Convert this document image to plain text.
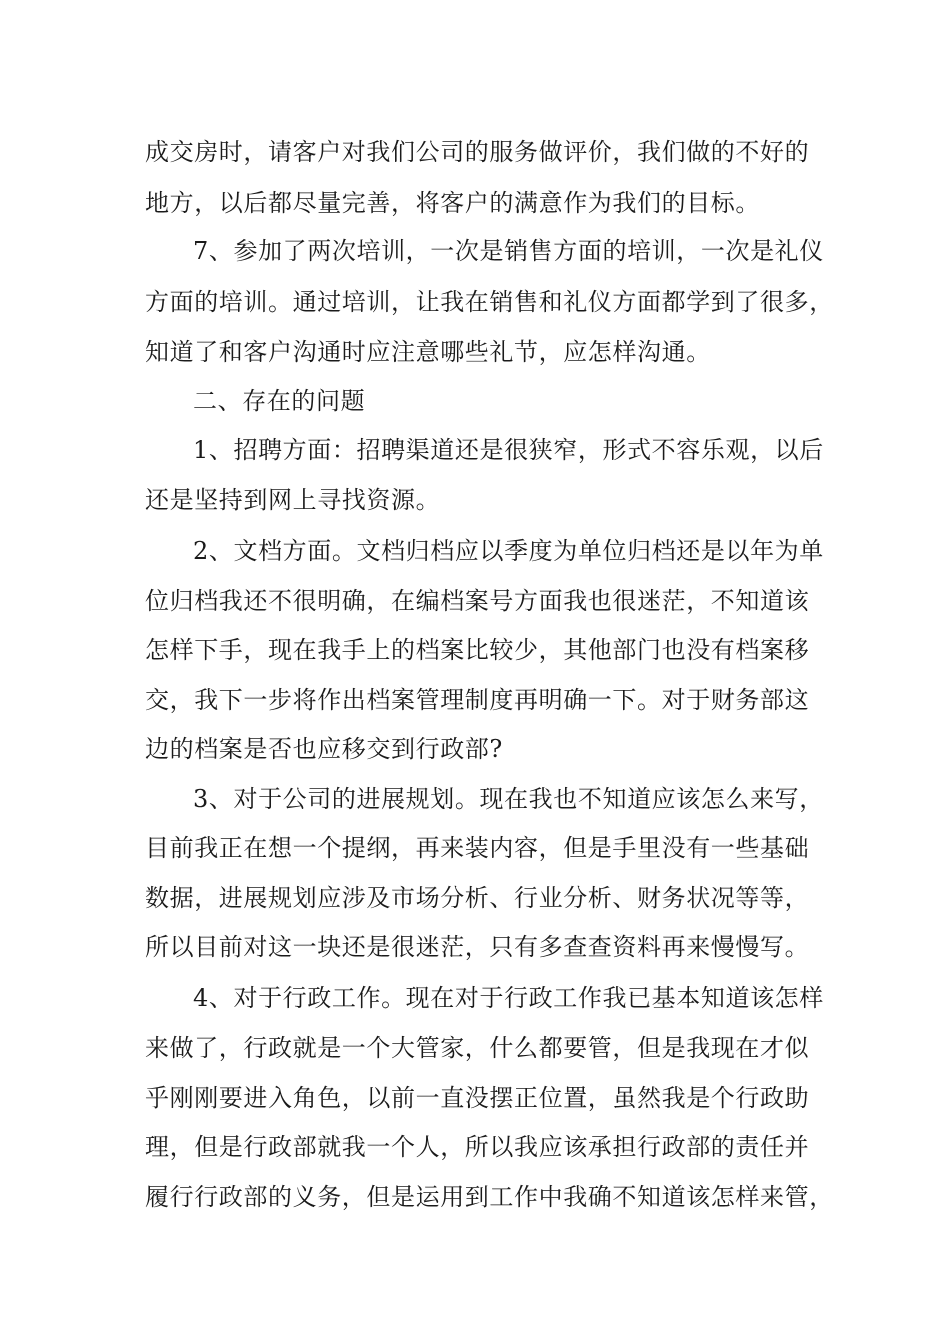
成交房时，请客户对我们公司的服务做评价，我们做的不好的
地方，以后都尽量完善，将客户的满意作为我们的目标。
7、参加了两次培训，一次是销售方面的培训，一次是礼仪
方面的培训。通过培训，让我在销售和礼仪方面都学到了很多，
知道了和客户沟通时应注意哪些礼节，应怎样沟通。
二、存在的问题
1、招聘方面：招聘渠道还是很狭窄，形式不容乐观，以后
还是坚持到网上寻找资源。
2、文档方面。文档归档应以季度为单位归档还是以年为单
位归档我还不很明确，在编档案号方面我也很迷茫，不知道该
怎样下手，现在我手上的档案比较少，其他部门也没有档案移
交，我下一步将作出档案管理制度再明确一下。对于财务部这
边的档案是否也应移交到行政部?
3、对于公司的进展规划。现在我也不知道应该怎么来写，
目前我正在想一个提纲，再来装内容，但是手里没有一些基础
数据，进展规划应涉及市场分析、行业分析、财务状况等等，
所以目前对这一块还是很迷茫，只有多查查资料再来慢慢写。
4、对于行政工作。现在对于行政工作我已基本知道该怎样
来做了，行政就是一个大管家，什么都要管，但是我现在才似
乎刚刚要进入角色，以前一直没摆正位置，虽然我是个行政助
理，但是行政部就我一个人，所以我应该承担行政部的责任并
履行行政部的义务，但是运用到工作中我确不知道该怎样来管，
